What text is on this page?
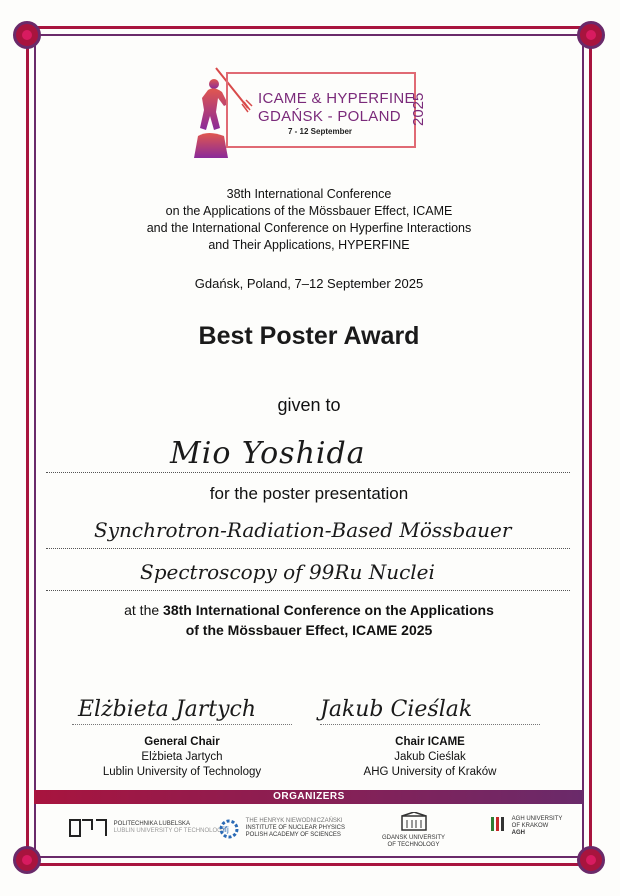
ICAME & HYPERFINE
GDAŃSK - POLAND
7 - 12 September
2025
38th International Conference
on the Applications of the Mössbauer Effect, ICAME
and the International Conference on Hyperfine Interactions
and Their Applications, HYPERFINE
Gdańsk, Poland, 7–12 September 2025
Best Poster Award
given to
Mio Yoshida
for the poster presentation
Synchrotron-Radiation-Based Mössbauer
Spectroscopy of 99Ru Nuclei
at the 38th International Conference on the Applications
of the Mössbauer Effect, ICAME 2025
Elżbieta Jartych	Jakub Cieślak
General Chair
Elżbieta Jartych
Lublin University of Technology
Chair ICAME
Jakub Cieślak
AHG University of Kraków
ORGANIZERS
POLITECHNIKA LUBELSKA
LUBLIN UNIVERSITY OF TECHNOLOGY
ifj
THE HENRYK NIEWODNICZAŃSKI
INSTITUTE OF NUCLEAR PHYSICS
POLISH ACADEMY OF SCIENCES	GDANSK UNIVERSITY
OF TECHNOLOGY
AGH UNIVERSITY
OF KRAKOW
AGH
